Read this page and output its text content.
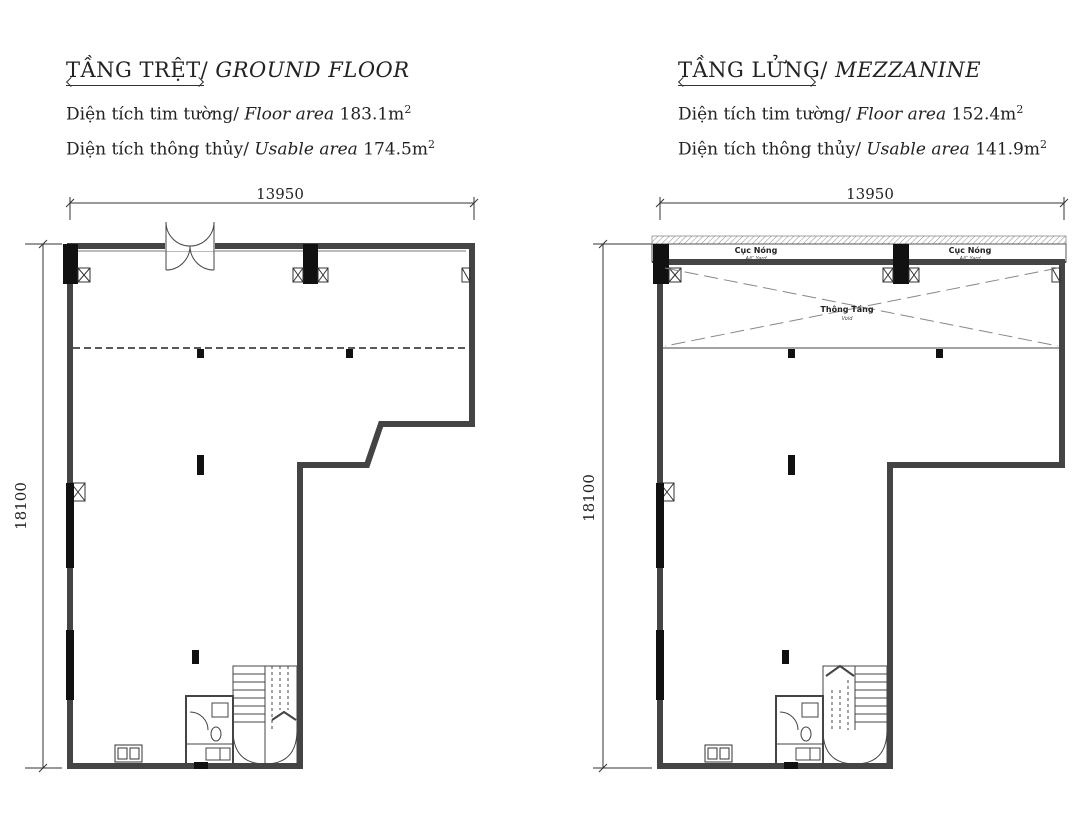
TẦNG TRỆT/ GROUND FLOOR
Diện tích tim tường/ Floor area $183.1m^2$
Diện tích thông thủy/ Usable area $174.5m^2$
TẦNG LỬNG/ MEZZANINE
Diện tích tim tường/ Floor area $152.4m^2$
Diện tích thông thủy/ Usable area $141.9m^2$
13950
18100
13950
18100
Thông Tầng
Void
Cục Nóng
A/C Yard
Cục Nóng
A/C Yard
